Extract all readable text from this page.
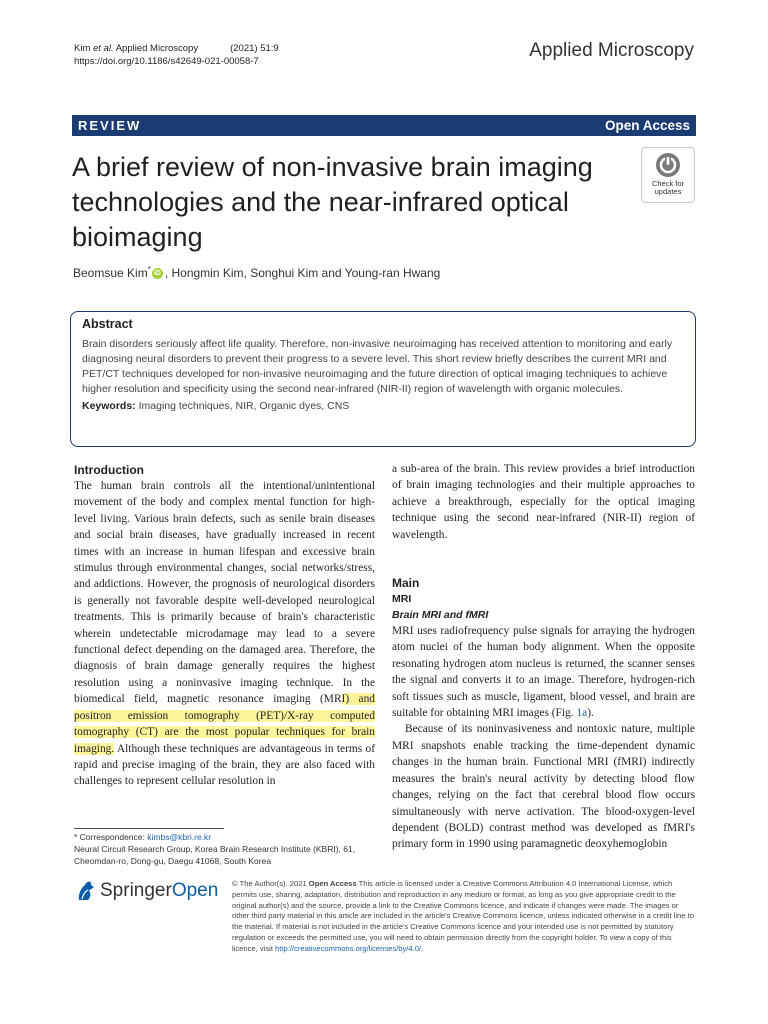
Kim et al. Applied Microscopy	(2021) 51:9
https://doi.org/10.1186/s42649-021-00058-7
Applied Microscopy
REVIEW	Open Access
A brief review of non-invasive brain imaging technologies and the near-infrared optical bioimaging
Check for
updates
Beomsue Kim* iD , Hongmin Kim, Songhui Kim and Young-ran Hwang
Abstract
Brain disorders seriously affect life quality. Therefore, non-invasive neuroimaging has received attention to monitoring and early diagnosing neural disorders to prevent their progress to a severe level. This short review briefly describes the current MRI and PET/CT techniques developed for non-invasive neuroimaging and the future direction of optical imaging techniques to achieve higher resolution and specificity using the second near-infrared (NIR-II) region of wavelength with organic molecules.
Keywords: Imaging techniques, NIR, Organic dyes, CNS
Introduction
The human brain controls all the intentional/unintentional movement of the body and complex mental function for high-level living. Various brain defects, such as senile brain diseases and social brain diseases, have gradually increased in recent times with an increase in human lifespan and excessive brain stimulus through environmental changes, social networks/stress, and addictions. However, the prognosis of neurological disorders is generally not favorable despite well-developed neurological treatments. This is primarily because of brain's characteristic wherein undetectable microdamage may lead to a severe functional defect depending on the damaged area. Therefore, the diagnosis of brain damage generally requires the highest resolution using a noninvasive imaging technique. In the biomedical field, magnetic resonance imaging (MRI) and positron emission tomography (PET)/X-ray computed tomography (CT) are the most popular techniques for brain imaging. Although these techniques are advantageous in terms of rapid and precise imaging of the brain, they are also faced with challenges to represent cellular resolution in
a sub-area of the brain. This review provides a brief introduction of brain imaging technologies and their multiple approaches to achieve a breakthrough, especially for the optical imaging technique using the second near-infrared (NIR-II) region of wavelength.
Main
MRI
Brain MRI and fMRI
MRI uses radiofrequency pulse signals for arraying the hydrogen atom nuclei of the human body alignment. When the opposite resonating hydrogen atom nucleus is returned, the scanner senses the signal and converts it to an image. Therefore, hydrogen-rich soft tissues such as muscle, ligament, blood vessel, and brain are suitable for obtaining MRI images (Fig. 1a).
Because of its noninvasiveness and nontoxic nature, multiple MRI snapshots enable tracking the time-dependent dynamic changes in the human brain. Functional MRI (fMRI) indirectly measures the brain's neural activity by detecting blood flow changes, relying on the fact that cerebral blood flow occurs simultaneously with nerve activation. The blood-oxygen-level dependent (BOLD) contrast method was developed as fMRI's primary form in 1990 using paramagnetic deoxyhemoglobin
* Correspondence: kimbs@kbri.re.kr
Neural Circuit Research Group, Korea Brain Research Institute (KBRI), 61, Cheomdan-ro, Dong-gu, Daegu 41068, South Korea
SpringerOpen © The Author(s). 2021 Open Access This article is licensed under a Creative Commons Attribution 4.0 International License, which permits use, sharing, adaptation, distribution and reproduction in any medium or format, as long as you give appropriate credit to the original author(s) and the source, provide a link to the Creative Commons licence, and indicate if changes were made. The images or other third party material in this article are included in the article's Creative Commons licence, unless indicated otherwise in a credit line to the material. If material is not included in the article's Creative Commons licence and your intended use is not permitted by statutory regulation or exceeds the permitted use, you will need to obtain permission directly from the copyright holder. To view a copy of this licence, visit http://creativecommons.org/licenses/by/4.0/.
